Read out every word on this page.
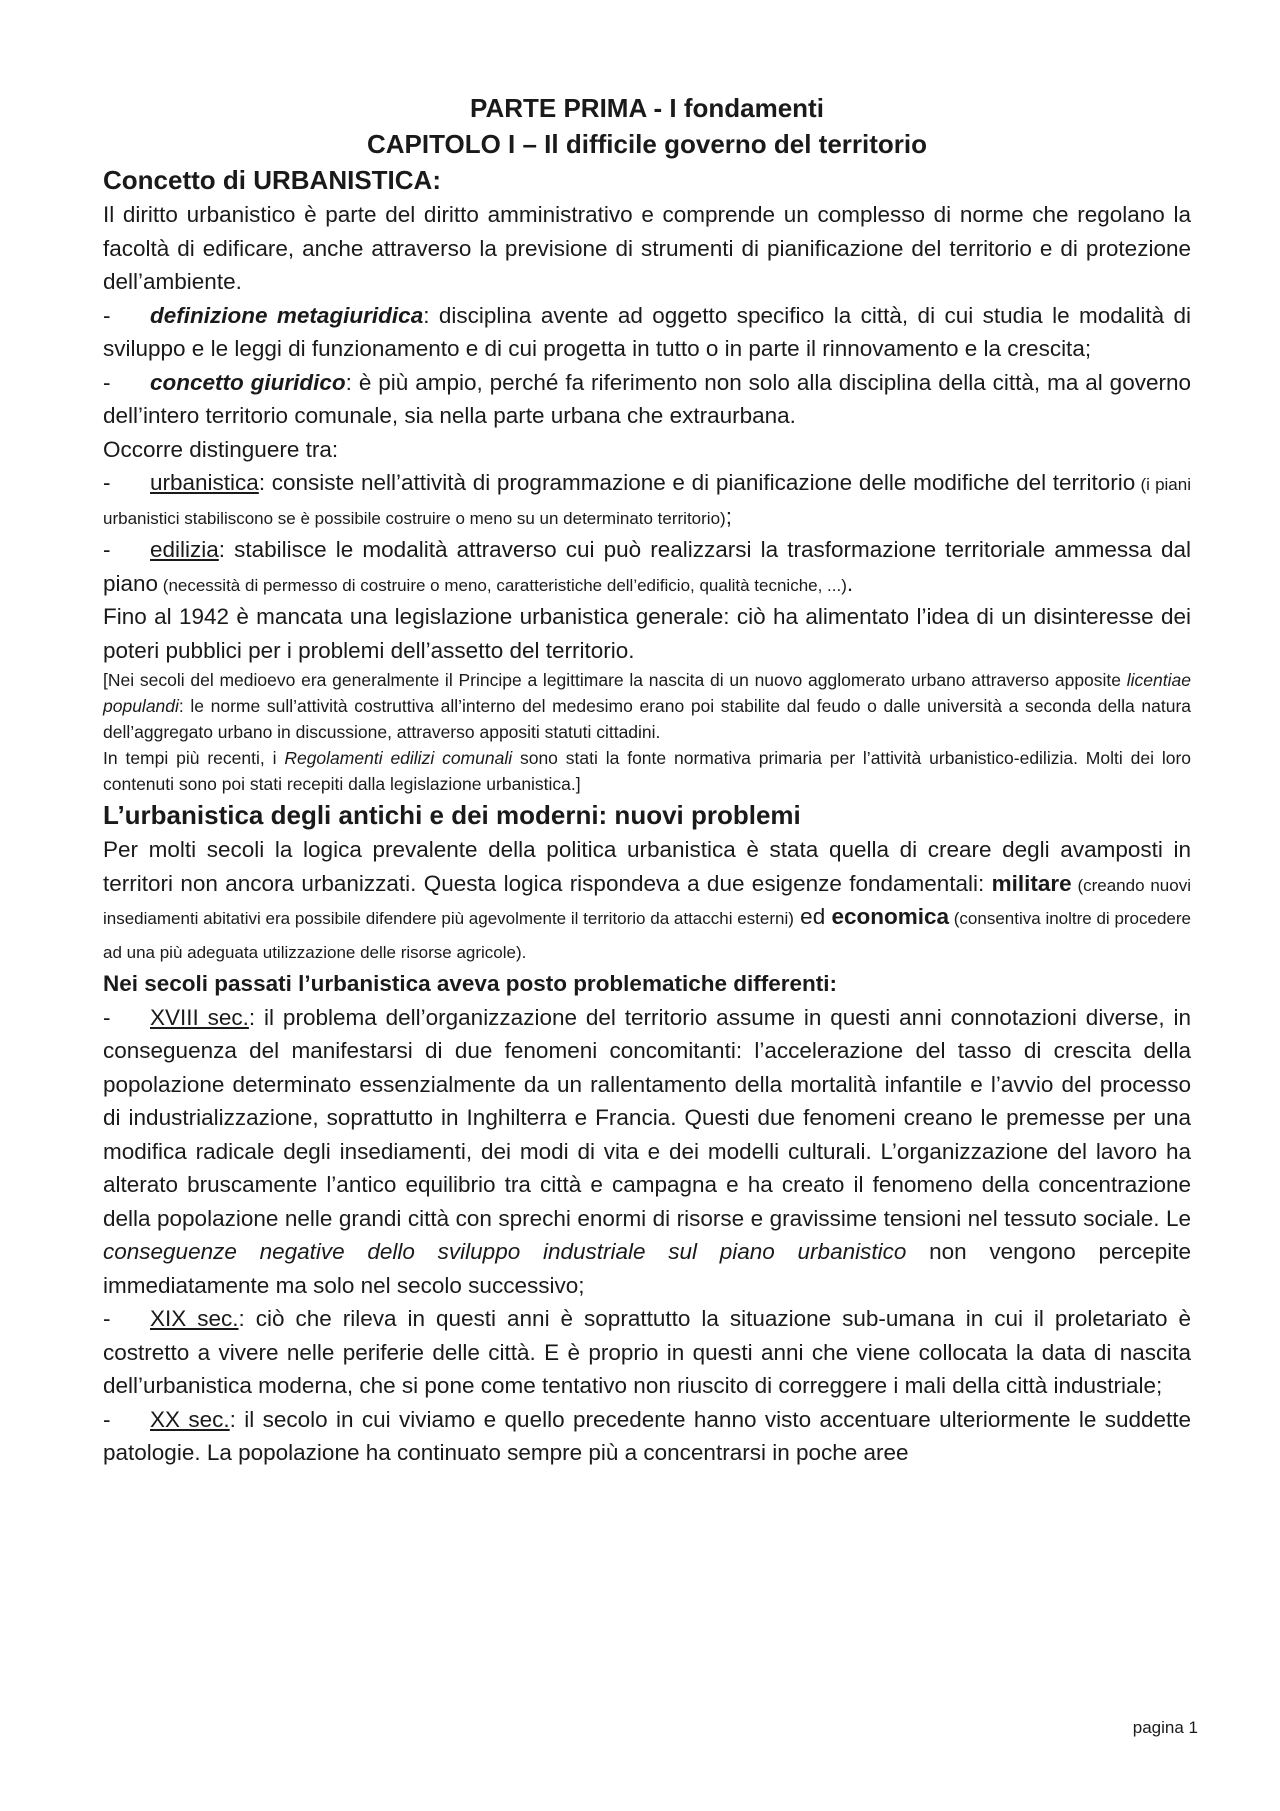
PARTE PRIMA - I fondamenti

CAPITOLO I – Il difficile governo del territorio

Concetto di URBANISTICA:

Il diritto urbanistico è parte del diritto amministrativo e comprende un complesso di norme che regolano la facoltà di edificare, anche attraverso la previsione di strumenti di pianificazione del territorio e di protezione dell’ambiente.

- definizione metagiuridica: disciplina avente ad oggetto specifico la città, di cui studia le modalità di sviluppo e le leggi di funzionamento e di cui progetta in tutto o in parte il rinnovamento e la crescita;

- concetto giuridico: è più ampio, perché fa riferimento non solo alla disciplina della città, ma al governo dell’intero territorio comunale, sia nella parte urbana che extraurbana.

Occorre distinguere tra:

- urbanistica: consiste nell’attività di programmazione e di pianificazione delle modifiche del territorio (i piani urbanistici stabiliscono se è possibile costruire o meno su un determinato territorio);

- edilizia: stabilisce le modalità attraverso cui può realizzarsi la trasformazione territoriale ammessa dal piano (necessità di permesso di costruire o meno, caratteristiche dell’edificio, qualità tecniche, ...).

Fino al 1942 è mancata una legislazione urbanistica generale: ciò ha alimentato l’idea di un disinteresse dei poteri pubblici per i problemi dell’assetto del territorio.

[Nei secoli del medioevo era generalmente il Principe a legittimare la nascita di un nuovo agglomerato urbano attraverso apposite licentiae populandi: le norme sull’attività costruttiva all’interno del medesimo erano poi stabilite dal feudo o dalle università a seconda della natura dell’aggregato urbano in discussione, attraverso appositi statuti cittadini.

In tempi più recenti, i Regolamenti edilizi comunali sono stati la fonte normativa primaria per l’attività urbanistico-edilizia. Molti dei loro contenuti sono poi stati recepiti dalla legislazione urbanistica.]

L’urbanistica degli antichi e dei moderni: nuovi problemi

Per molti secoli la logica prevalente della politica urbanistica è stata quella di creare degli avamposti in territori non ancora urbanizzati. Questa logica rispondeva a due esigenze fondamentali: militare (creando nuovi insediamenti abitativi era possibile difendere più agevolmente il territorio da attacchi esterni) ed economica (consentiva inoltre di procedere ad una più adeguata utilizzazione delle risorse agricole).

Nei secoli passati l’urbanistica aveva posto problematiche differenti:

- XVIII sec.: il problema dell’organizzazione del territorio assume in questi anni connotazioni diverse, in conseguenza del manifestarsi di due fenomeni concomitanti: l’accelerazione del tasso di crescita della popolazione determinato essenzialmente da un rallentamento della mortalità infantile e l’avvio del processo di industrializzazione, soprattutto in Inghilterra e Francia. Questi due fenomeni creano le premesse per una modifica radicale degli insediamenti, dei modi di vita e dei modelli culturali. L’organizzazione del lavoro ha alterato bruscamente l’antico equilibrio tra città e campagna e ha creato il fenomeno della concentrazione della popolazione nelle grandi città con sprechi enormi di risorse e gravissime tensioni nel tessuto sociale. Le conseguenze negative dello sviluppo industriale sul piano urbanistico non vengono percepite immediatamente ma solo nel secolo successivo;

- XIX sec.: ciò che rileva in questi anni è soprattutto la situazione sub-umana in cui il proletariato è costretto a vivere nelle periferie delle città. E è proprio in questi anni che viene collocata la data di nascita dell’urbanistica moderna, che si pone come tentativo non riuscito di correggere i mali della città industriale;

- XX sec.: il secolo in cui viviamo e quello precedente hanno visto accentuare ulteriormente le suddette patologie. La popolazione ha continuato sempre più a concentrarsi in poche aree

pagina 1
